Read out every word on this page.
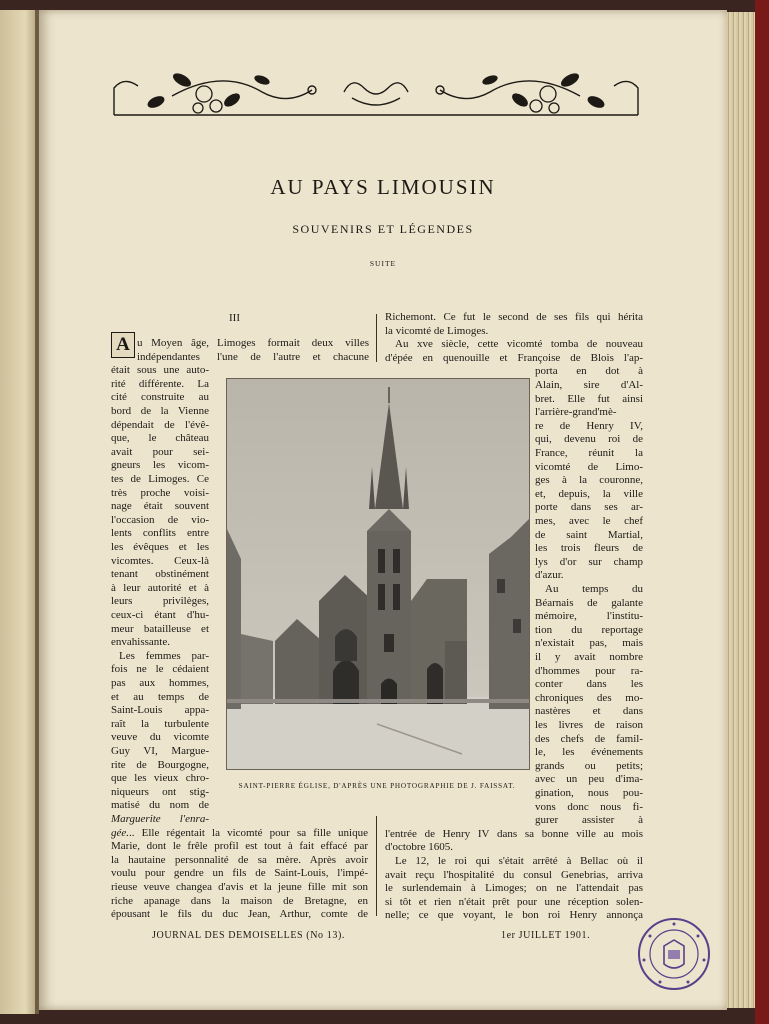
AU PAYS LIMOUSIN
SOUVENIRS ET LÉGENDES
SUITE
III
A u Moyen âge,
indépendantes
était sous une auto-
rité différente. La
cité construite au
bord de la Vienne
dépendait de l'évê-
que, le château
avait pour sei-
gneurs les vicom-
tes de Limoges. Ce
très proche voisi-
nage était souvent
l'occasion de vio-
lents conflits entre
les évêques et les
vicomtes. Ceux-là
tenant obstinément
à leur autorité et à
leurs privilèges,
ceux-ci étant d'hu-
meur batailleuse et
envahissante.
Les femmes par-
fois ne le cédaient
pas aux hommes,
et au temps de
Saint-Louis appa-
raît la turbulente
veuve du vicomte
Guy VI, Margue-
rite de Bourgogne,
que les vieux chro-
niqueurs ont stig-
matisé du nom de
Marguerite l'enra-
gée... Elle régentait la vicomté pour sa fille unique
Marie, dont le frêle profil est tout à fait effacé par
la hautaine personnalité de sa mère. Après avoir
voulu pour gendre un fils de Saint-Louis, l'impé-
rieuse veuve changea d'avis et la jeune fille mit son
riche apanage dans la maison de Bretagne, en
épousant le fils du duc Jean, Arthur, comte de
Limoges formait deux villes
l'une de l'autre et chacune
Richemont. Ce fut le second de ses fils qui hérita
la vicomté de Limoges.
Au xve siècle, cette vicomté tomba de nouveau
d'épée en quenouille et Françoise de Blois l'ap-
porta en dot à
Alain, sire d'Al-
bret. Elle fut ainsi
l'arrière-grand'mè-
re de Henry IV,
qui, devenu roi de
France, réunit la
vicomté de Limo-
ges à la couronne,
et, depuis, la ville
porte dans ses ar-
mes, avec le chef
de saint Martial,
les trois fleurs de
lys d'or sur champ
d'azur.
Au temps du
Béarnais de galante
mémoire, l'institu-
tion du reportage
n'existait pas, mais
il y avait nombre
d'hommes pour ra-
conter dans les
chroniques des mo-
nastères et dans
les livres de raison
des chefs de famil-
le, les événements
grands ou petits;
avec un peu d'ima-
gination, nous pou-
vons donc nous fi-
gurer assister à
l'entrée de Henry IV dans sa bonne ville au mois
d'octobre 1605.
Le 12, le roi qui s'était arrêté à Bellac où il
avait reçu l'hospitalité du consul Genebrias, arriva
le surlendemain à Limoges; on ne l'attendait pas
si tôt et rien n'était prêt pour une réception solen-
nelle; ce que voyant, le bon roi Henry annonça
SAINT-PIERRE ÉGLISE, D'APRÈS UNE PHOTOGRAPHIE DE J. FAISSAT.
JOURNAL DES DEMOISELLES (No 13).	1er JUILLET 1901.
